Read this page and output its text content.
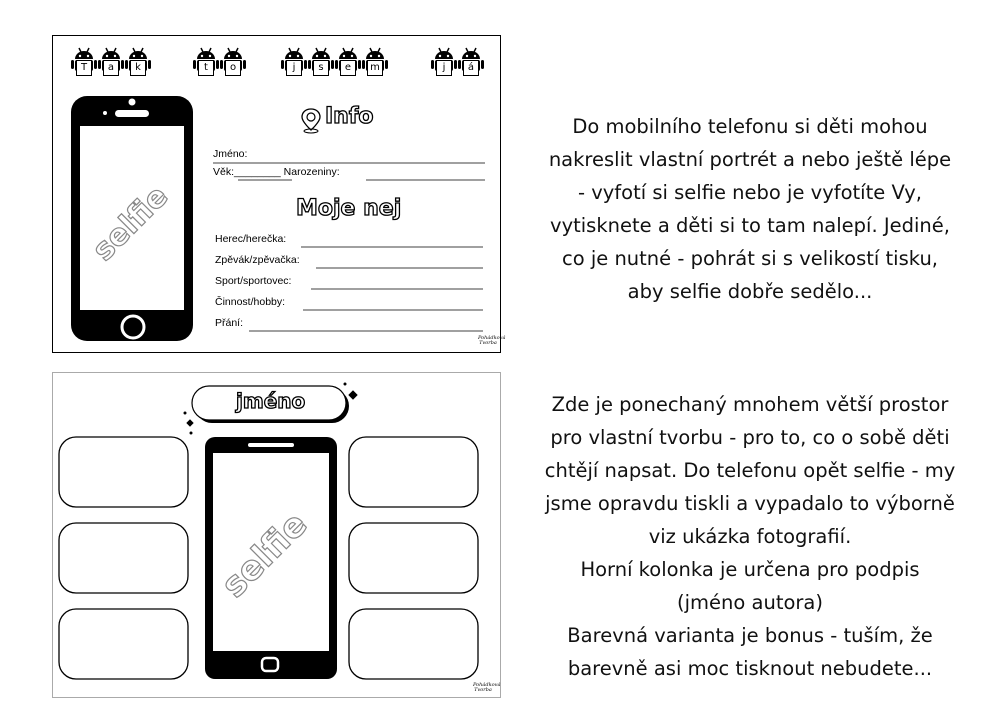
T	a	k	t	o	j	s	e	m	j	á
selfie
Info
Jméno:
Věk:________ Narozeniny:
Moje nej
Herec/herečka:
Zpěvák/zpěvačka:
Sport/sportovec:
Činnost/hobby:
Přání:
Pohádková
Tvorba
jméno
selfie
Pohádková
Tvorba
Do mobilního telefonu si děti mohou
nakreslit vlastní portrét a nebo ještě lépe
- vyfotí si selfie nebo je vyfotíte Vy,
vytisknete a děti si to tam nalepí. Jediné,
co je nutné - pohrát si s velikostí tisku,
aby selfie dobře sedělo...
Zde je ponechaný mnohem větší prostor
pro vlastní tvorbu - pro to, co o sobě děti
chtějí napsat. Do telefonu opět selfie - my
jsme opravdu tiskli a vypadalo to výborně
viz ukázka fotografií.
Horní kolonka je určena pro podpis
(jméno autora)
Barevná varianta je bonus - tuším, že
barevně asi moc tisknout nebudete...
